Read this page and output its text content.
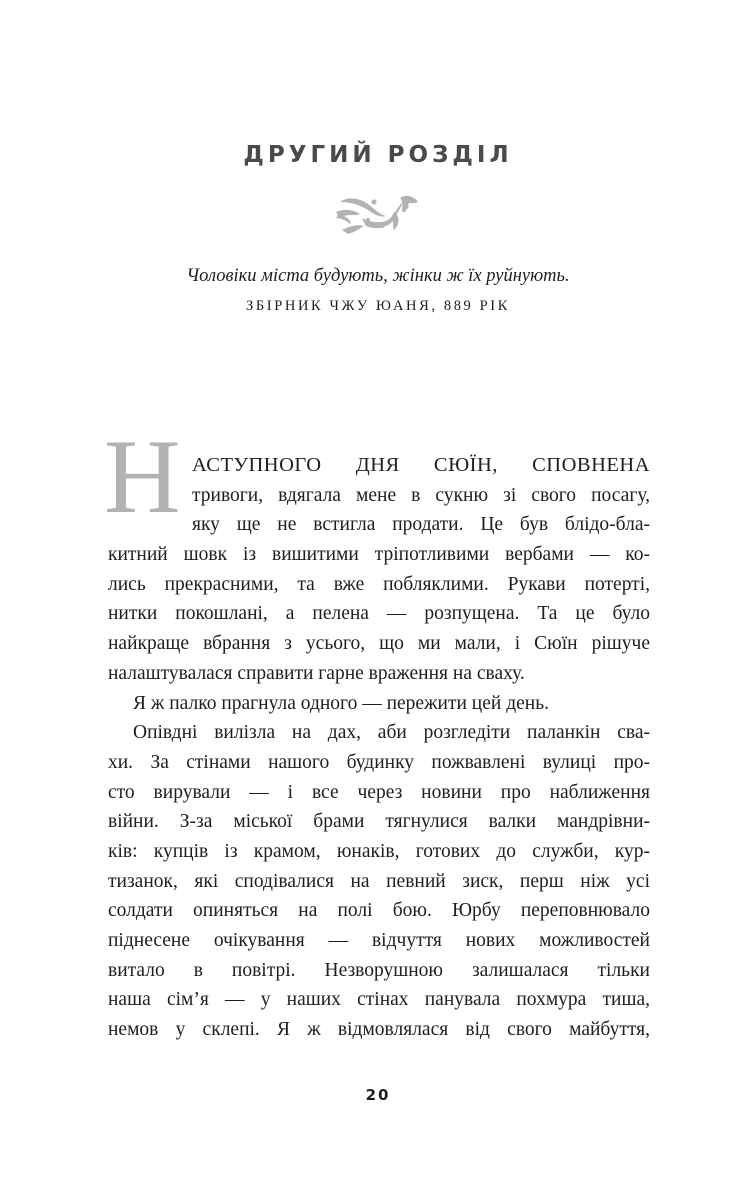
ДРУГИЙ РОЗДІЛ
Чоловіки міста будують, жінки ж їх руйнують.
ЗБІРНИК ЧЖУ ЮАНЯ, 889 РІК
Н АСТУПНОГО ДНЯ СЮЇН, СПОВНЕНА
тривоги, вдягала мене в сукню зі свого посагу,
яку ще не встигла продати. Це був блідо-бла-
китний шовк із вишитими тріпотливими вербами — ко-
лись прекрасними, та вже побляклими. Рукави потерті,
нитки покошлані, а пелена — розпущена. Та це було
найкраще вбрання з усього, що ми мали, і Сюїн рішуче
налаштувалася справити гарне враження на сваху.
Я ж палко прагнула одного — пережити цей день.
Опівдні вилізла на дах, аби розгледіти паланкін сва-
хи. За стінами нашого будинку пожвавлені вулиці про-
сто вирували — і все через новини про наближення
війни. З-за міської брами тягнулися валки мандрівни-
ків: купців із крамом, юнаків, готових до служби, кур-
тизанок, які сподівалися на певний зиск, перш ніж усі
солдати опиняться на полі бою. Юрбу переповнювало
піднесене очікування — відчуття нових можливостей
витало в повітрі. Незворушною залишалася тільки
наша сім’я — у наших стінах панувала похмура тиша,
немов у склепі. Я ж відмовлялася від свого майбуття,
20
